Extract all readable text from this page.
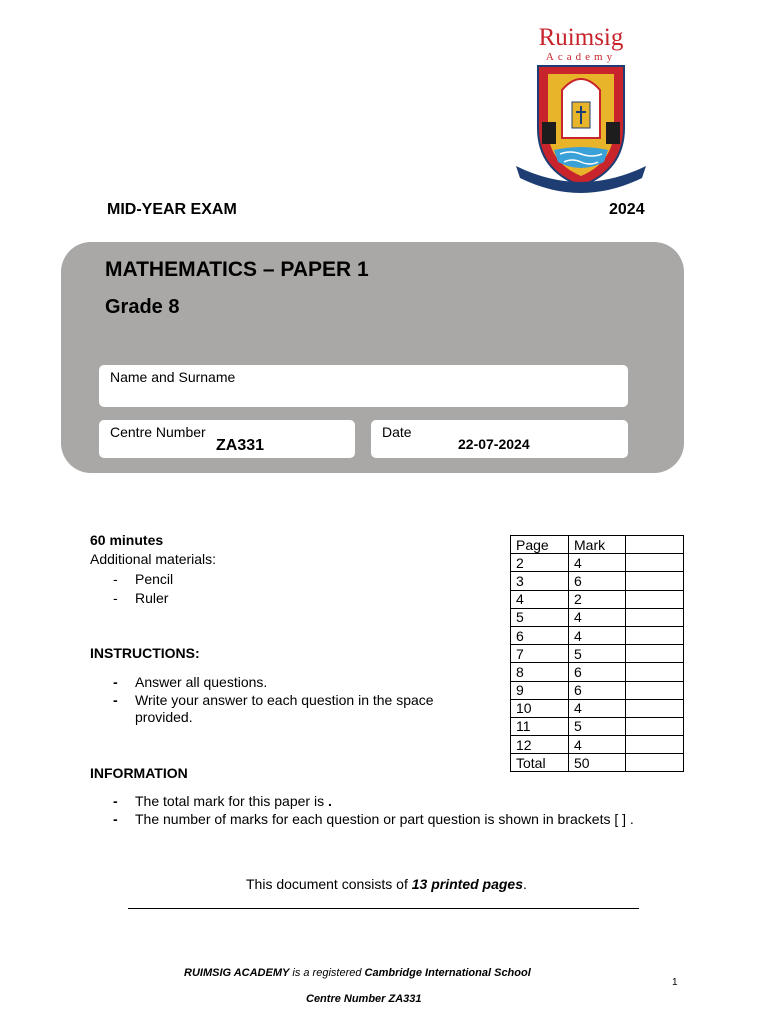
Ruimsig
Academy
MID-YEAR EXAM	2024
MATHEMATICS – PAPER 1
Grade 8
Name and Surname
Centre Number
ZA331
Date
22-07-2024
60 minutes
Additional materials:
- Pencil
- Ruler
INSTRUCTIONS:
- Answer all questions.
- Write your answer to each question in the space
provided.
INFORMATION
- The total mark for this paper is .
- The number of marks for each question or part question is shown in brackets [ ] .
Page	Mark	
2	4	
3	6	
4	2	
5	4	
6	4	
7	5	
8	6	
9	6	
10	4	
11	5	
12	4	
Total	50	
This document consists of 13 printed pages.
RUIMSIG ACADEMY is a registered Cambridge International School
Centre Number ZA331
1
